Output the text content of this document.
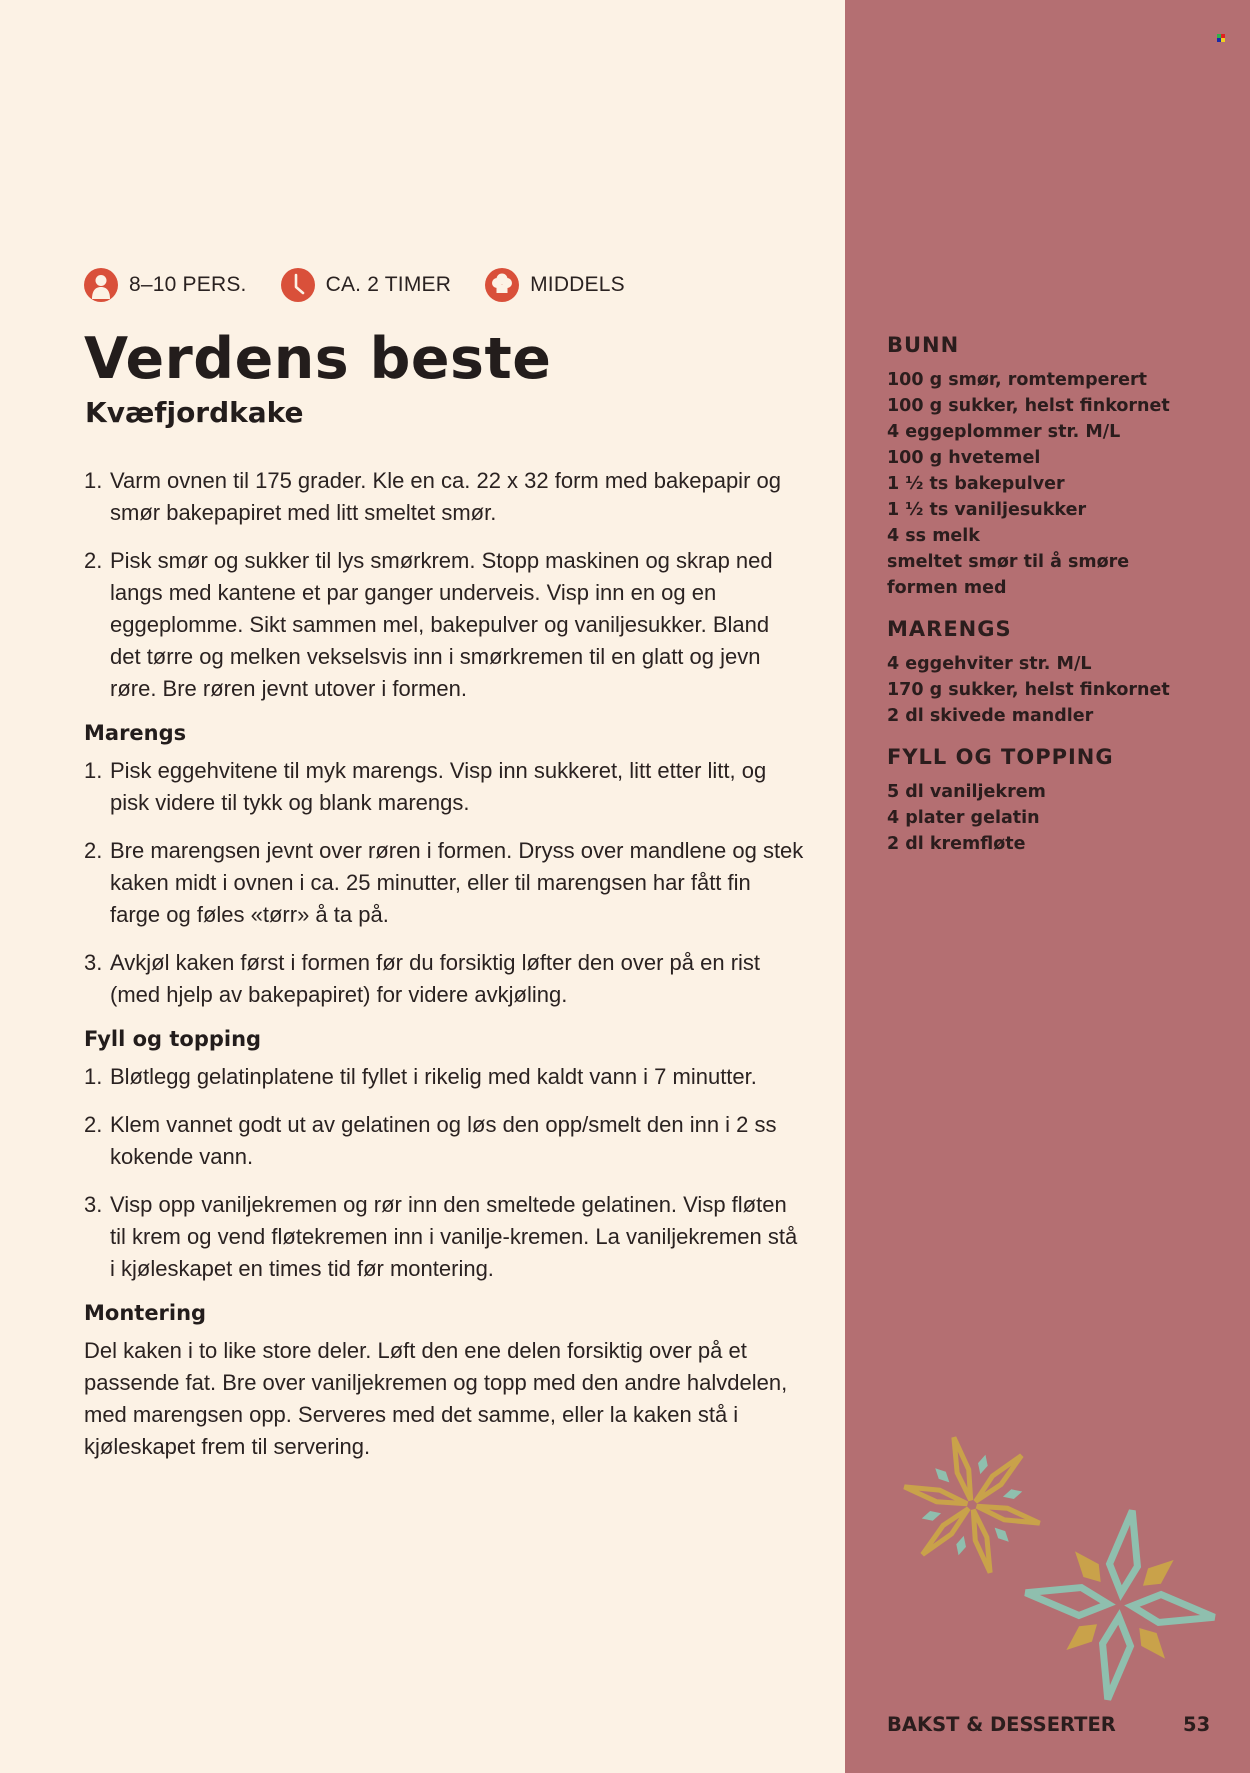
8–10 PERS.	CA. 2 TIMER	MIDDELS
Verdens beste
Kvæfjordkake
1. Varm ovnen til 175 grader. Kle en ca. 22 x 32 form med bakepapir og smør bakepapiret med litt smeltet smør.
2. Pisk smør og sukker til lys smørkrem. Stopp maskinen og skrap ned langs med kantene et par ganger underveis. Visp inn en og en eggeplomme. Sikt sammen mel, bakepulver og vaniljesukker. Bland det tørre og melken vekselsvis inn i smørkremen til en glatt og jevn røre. Bre røren jevnt utover i formen.
Marengs
1. Pisk eggehvitene til myk marengs. Visp inn sukkeret, litt etter litt, og pisk videre til tykk og blank marengs.
2. Bre marengsen jevnt over røren i formen. Dryss over mandlene og stek kaken midt i ovnen i ca. 25 minutter, eller til marengsen har fått fin farge og føles «tørr» å ta på.
3. Avkjøl kaken først i formen før du forsiktig løfter den over på en rist (med hjelp av bakepapiret) for videre avkjøling.
Fyll og topping
1. Bløtlegg gelatinplatene til fyllet i rikelig med kaldt vann i 7 minutter.
2. Klem vannet godt ut av gelatinen og løs den opp/smelt den inn i 2 ss kokende vann.
3. Visp opp vaniljekremen og rør inn den smeltede gelatinen. Visp fløten til krem og vend fløtekremen inn i vanilje-kremen. La vaniljekremen stå i kjøleskapet en times tid før montering.
Montering

Del kaken i to like store deler. Løft den ene delen forsiktig over på et passende fat. Bre over vaniljekremen og topp med den andre halvdelen, med marengsen opp. Serveres med det samme, eller la kaken stå i kjøleskapet frem til servering.

BUNN
100 g smør, romtemperert
100 g sukker, helst finkornet
4 eggeplommer str. M/L
100 g hvetemel
1 ½ ts bakepulver
1 ½ ts vaniljesukker
4 ss melk
smeltet smør til å smøre
formen med
MARENGS
4 eggehviter str. M/L
170 g sukker, helst finkornet
2 dl skivede mandler
FYLL OG TOPPING
5 dl vaniljekrem
4 plater gelatin
2 dl kremfløte
BAKST & DESSERTER	53
